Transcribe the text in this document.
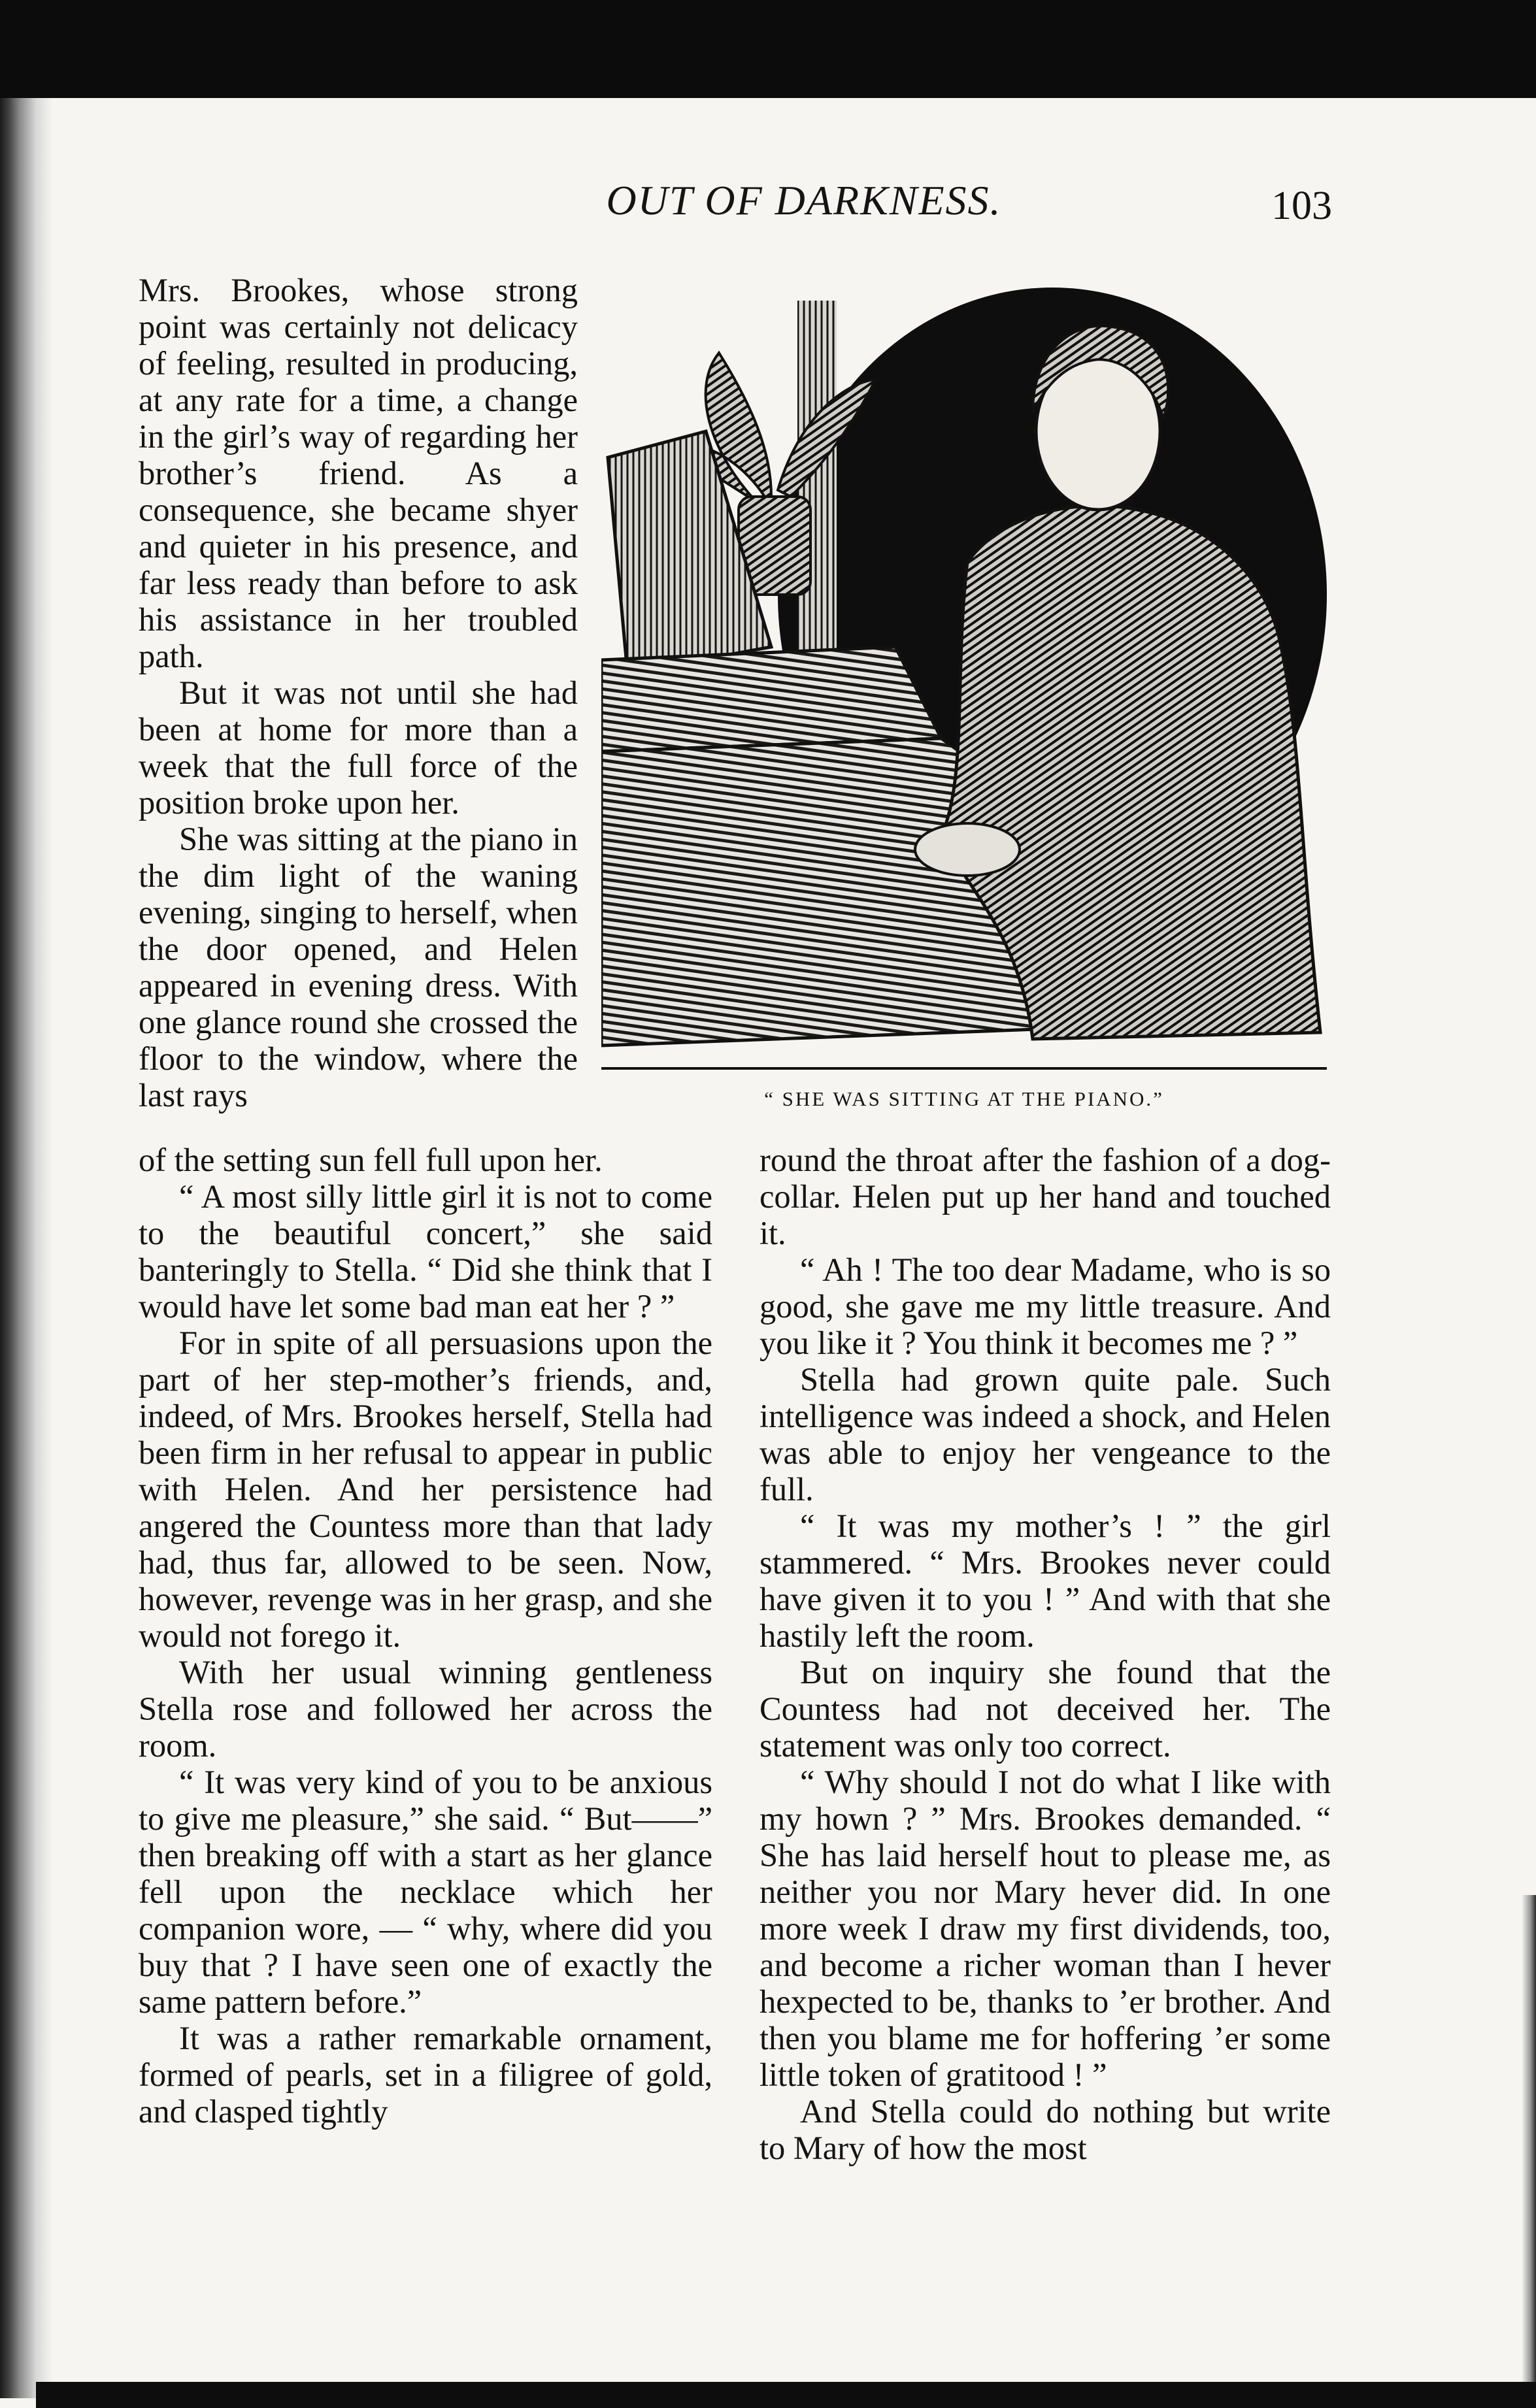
OUT OF DARKNESS.	103

Mrs. Brookes, whose strong point was certainly not delicacy of feeling, resulted in producing, at any rate for a time, a change in the girl’s way of regarding her brother’s friend. As a consequence, she became shyer and quieter in his presence, and far less ready than before to ask his assistance in her troubled path.

But it was not until she had been at home for more than a week that the full force of the position broke upon her.

She was sitting at the piano in the dim light of the waning evening, singing to herself, when the door opened, and Helen appeared in evening dress. With one glance round she crossed the floor to the window, where the last rays	“ SHE WAS SITTING AT THE PIANO.”

of the setting sun fell full upon her.

“ A most silly little girl it is not to come to the beautiful concert,” she said banteringly to Stella. “ Did she think that I would have let some bad man eat her ? ”

For in spite of all persuasions upon the part of her step-mother’s friends, and, indeed, of Mrs. Brookes herself, Stella had been firm in her refusal to appear in public with Helen. And her persistence had angered the Countess more than that lady had, thus far, allowed to be seen. Now, however, revenge was in her grasp, and she would not forego it.

With her usual winning gentleness Stella rose and followed her across the room.

“ It was very kind of you to be anxious to give me pleasure,” she said. “ But——” then breaking off with a start as her glance fell upon the necklace which her companion wore, — “ why, where did you buy that ? I have seen one of exactly the same pattern before.”

It was a rather remarkable ornament, formed of pearls, set in a filigree of gold, and clasped tightly

round the throat after the fashion of a dog-collar. Helen put up her hand and touched it.

“ Ah ! The too dear Madame, who is so good, she gave me my little treasure. And you like it ? You think it becomes me ? ”

Stella had grown quite pale. Such intelligence was indeed a shock, and Helen was able to enjoy her vengeance to the full.

“ It was my mother’s ! ” the girl stammered. “ Mrs. Brookes never could have given it to you ! ” And with that she hastily left the room.

But on inquiry she found that the Countess had not deceived her. The statement was only too correct.

“ Why should I not do what I like with my hown ? ” Mrs. Brookes demanded. “ She has laid herself hout to please me, as neither you nor Mary hever did. In one more week I draw my first dividends, too, and become a richer woman than I hever hexpected to be, thanks to ’er brother. And then you blame me for hoffering ’er some little token of gratitood ! ”

And Stella could do nothing but write to Mary of how the most
